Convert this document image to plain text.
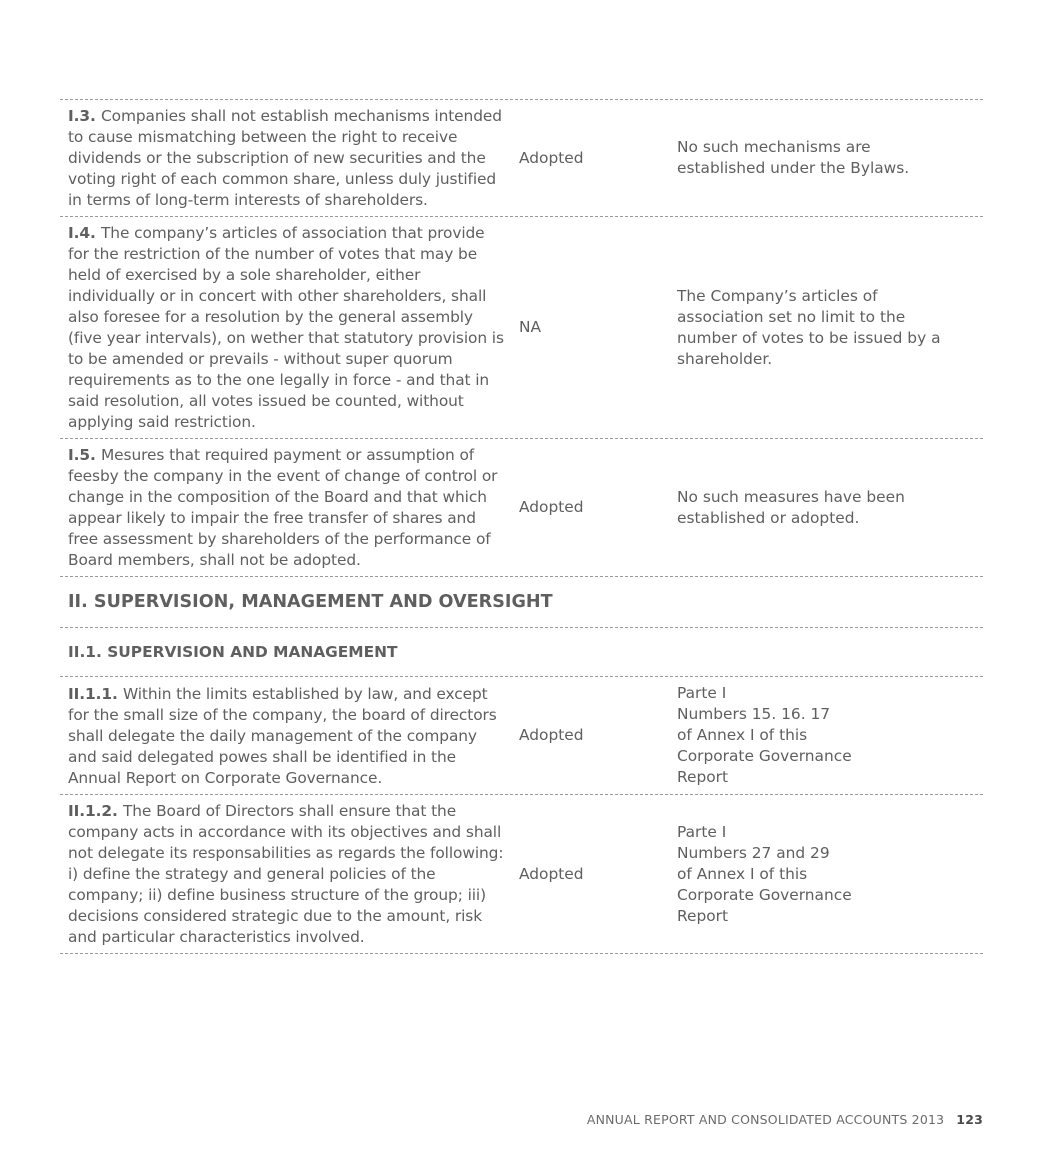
I.3. Companies shall not establish mechanisms intended to cause mismatching between the right to receive dividends or the subscription of new securities and the voting right of each common share, unless duly justified in terms of long-term interests of shareholders.
Adopted
No such mechanisms are established under the Bylaws.
I.4. The company’s articles of association that provide for the restriction of the number of votes that may be held of exercised by a sole shareholder, either individually or in concert with other shareholders, shall also foresee for a resolution by the general assembly (five year intervals), on wether that statutory provision is to be amended or prevails - without super quorum requirements as to the one legally in force - and that in said resolution, all votes issued be counted, without applying said restriction.
NA
The Company’s articles of association set no limit to the number of votes to be issued by a shareholder.
I.5. Mesures that required payment or assumption of feesby the company in the event of change of control or change in the composition of the Board and that which appear likely to impair the free transfer of shares and free assessment by shareholders of the performance of Board members, shall not be adopted.
Adopted
No such measures have been established or adopted.
II. SUPERVISION, MANAGEMENT AND OVERSIGHT
II.1. SUPERVISION AND MANAGEMENT
II.1.1. Within the limits established by law, and except for the small size of the company, the board of directors shall delegate the daily management of the company and said delegated powes shall be identified in the Annual Report on Corporate Governance.
Adopted
Parte I
Numbers 15. 16. 17
of Annex I of this
Corporate Governance
Report
II.1.2. The Board of Directors shall ensure that the company acts in accordance with its objectives and shall not delegate its responsabilities as regards the following: i) define the strategy and general policies of the company; ii) define business structure of the group; iii) decisions considered strategic due to the amount, risk and particular characteristics involved.
Adopted
Parte I
Numbers 27 and 29
of Annex I of this
Corporate Governance
Report
ANNUAL REPORT AND CONSOLIDATED ACCOUNTS 2013 123
